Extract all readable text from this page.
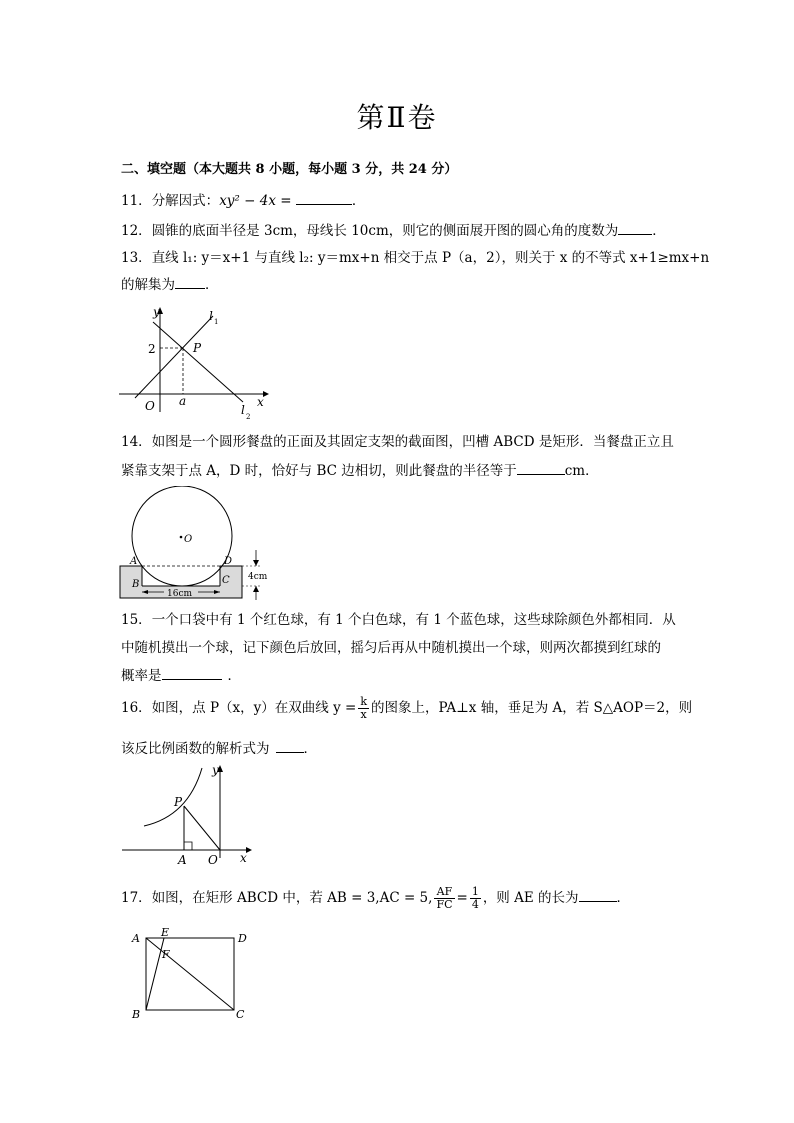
第Ⅱ卷
二、填空题（本大题共 8 小题，每小题 3 分，共 24 分）
11．分解因式：xy² − 4x =	．
12．圆锥的底面半径是 3cm，母线长 10cm，则它的侧面展开图的圆心角的度数为	．
13．直线 l₁: y＝x+1 与直线 l₂: y＝mx+n 相交于点 P（a，2），则关于 x 的不等式 x+1≥mx+n
的解集为 ．
y
x
O
P
a
2
l 1
l 2
14．如图是一个圆形餐盘的正面及其固定支架的截面图，凹槽 ABCD 是矩形．当餐盘正立且
紧靠支架于点 A，D 时，恰好与 BC 边相切，则此餐盘的半径等于	cm．
O
A	D
B	C
16cm
4cm
15．一个口袋中有 1 个红色球，有 1 个白色球，有 1 个蓝色球，这些球除颜色外都相同．从
中随机摸出一个球，记下颜色后放回，摇匀后再从中随机摸出一个球，则两次都摸到红球的
概率是	．
16．如图，点 P（x，y）在双曲线 $y = \frac{k}{x}$ 的图象上，PA⊥x 轴，垂足为 A，若 S△AOP＝2，则
该反比例函数的解析式为	．
y
x
P
A O
17．如图，在矩形 ABCD 中，若 AB = 3,AC = 5, $\frac{AF}{FC} = \frac{1}{4}$ ，则 AE 的长为	．
A	D
B	C
E
F
